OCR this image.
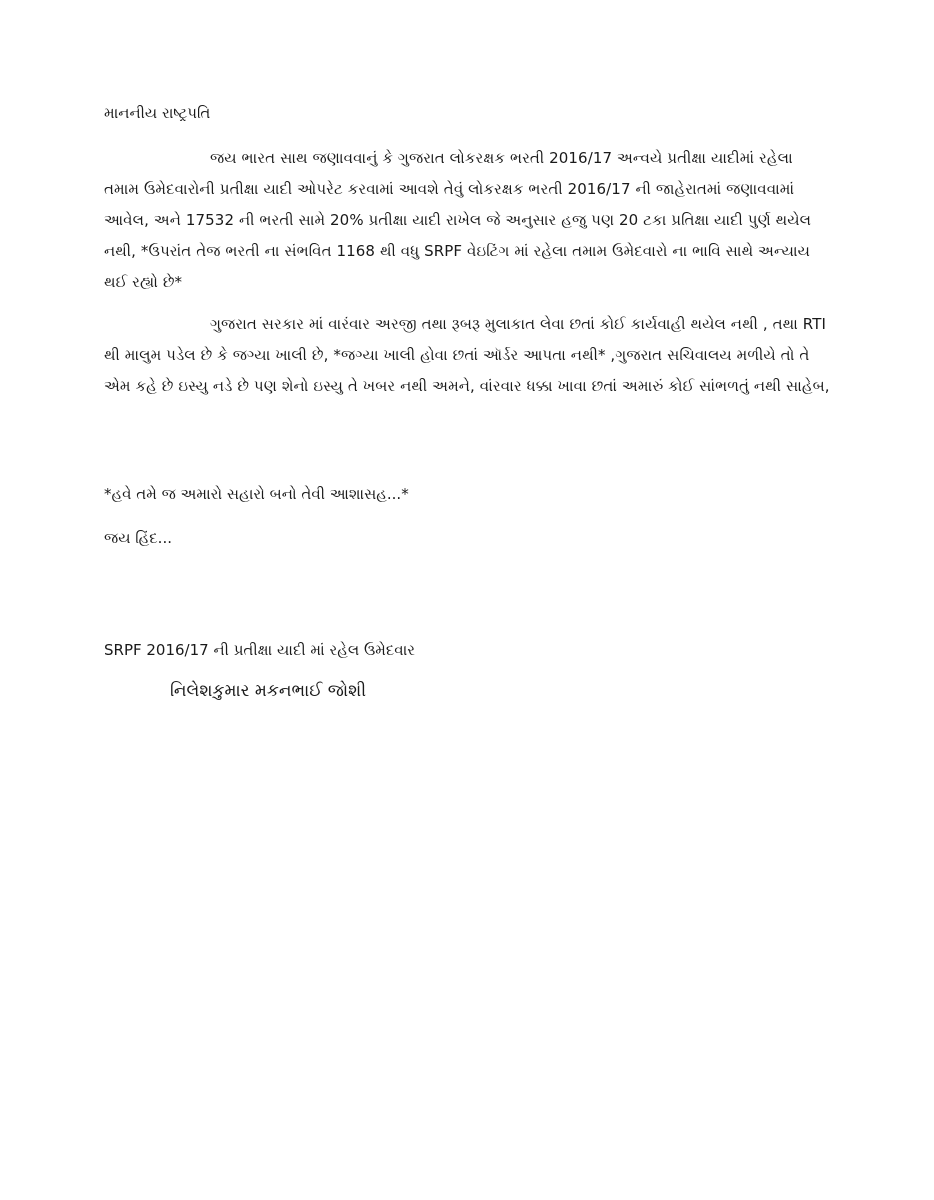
માનનીય રાષ્ટ્રપતિ

જય ભારત સાથ જણાવવાનું કે ગુજરાત લોકરક્ષક ભરતી 2016/17 અન્વયે પ્રતીક્ષા યાદીમાં રહેલા તમામ ઉમેદવારોની પ્રતીક્ષા યાદી ઓપરેટ કરવામાં આવશે તેવું લોકરક્ષક ભરતી 2016/17 ની જાહેરાતમાં જણાવવામાં આવેલ, અને 17532 ની ભરતી સામે 20% પ્રતીક્ષા યાદી રાખેલ જે અનુસાર હજુ પણ 20 ટકા પ્રતિક્ષા યાદી પુર્ણ થયેલ નથી, *ઉપરાંત તેજ ભરતી ના સંભવિત 1168 થી વધુ SRPF વેઇટિંગ માં રહેલા તમામ ઉમેદવારો ના ભાવિ સાથે અન્યાય થઈ રહ્યો છે*

ગુજરાત સરકાર માં વારંવાર અરજી તથા રૂબરૂ મુલાકાત લેવા છતાં કોઈ કાર્યવાહી થયેલ નથી , તથા RTI થી માલુમ પડેલ છે કે જગ્યા ખાલી છે, *જગ્યા ખાલી હોવા છતાં ઑર્ડર આપતા નથી* ,ગુજરાત સચિવાલય મળીયે તો તે એમ કહે છે ઇસ્યુ નડે છે પણ શેનો ઇસ્યુ તે ખબર નથી અમને, વાંરવાર ધક્કા ખાવા છતાં અમારું કોઈ સાંભળતું નથી સાહેબ,

*હવે તમે જ અમારો સહારો બનો તેવી આશાસહ...*

જય હિંદ...

SRPF 2016/17 ની પ્રતીક્ષા યાદી માં રહેલ ઉમેદવાર

નિલેશકુમાર મકનભાઈ જોશી
